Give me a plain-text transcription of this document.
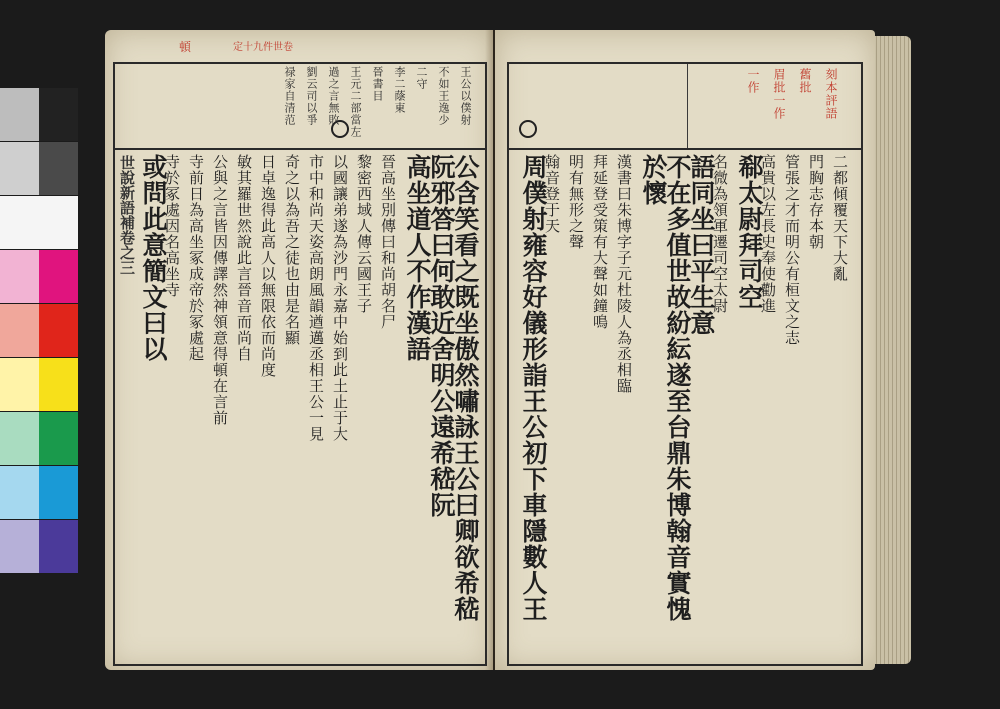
頓	定十九件世卷
世說新語補卷之三
王公以僕射
不如王逸少
二守
李二蔭東
晉書目
王元二部當左
過之言無敗
劉云司以爭
禄家自清范
公含笑看之既坐傲然嘯詠王公曰卿欲希嵇
阮邪答曰何敢近舍明公遠希嵇阮
高坐道人不作漢語
晉高坐別傳曰和尚胡名尸
黎密西域人傳云國王子
以國讓弟遂為沙門永嘉中始到此土止于大
市中和尚天姿高朗風韻遒邁丞相王公一見
奇之以為吾之徒也由是名顯
日卓逸得此高人以無限依而尚度
敏其羅世然說此言晉音而尚自
公與之言皆因傳譯然神領意得頓在言前
寺前日為高坐冢成帝於冢處起
寺於冢處因名高坐寺
或問此意簡文曰以
刻本評語
舊批
眉批一作
一作
二都傾覆天下大亂
門胸志存本朝
管張之才而明公有桓文之志
高貴以左長史奉使勸進
郗太尉拜司空
名微為領軍遷司空太尉
語同坐曰平生意
不在多值世故紛紜遂至台鼎朱博翰音實愧
於懷
漢書曰朱博字子元杜陵人為丞相臨
拜延登受策有大聲如鐘鳴
明有無形之聲
翰音登于天
周僕射雍容好儀形詣王公初下車隱數人王
